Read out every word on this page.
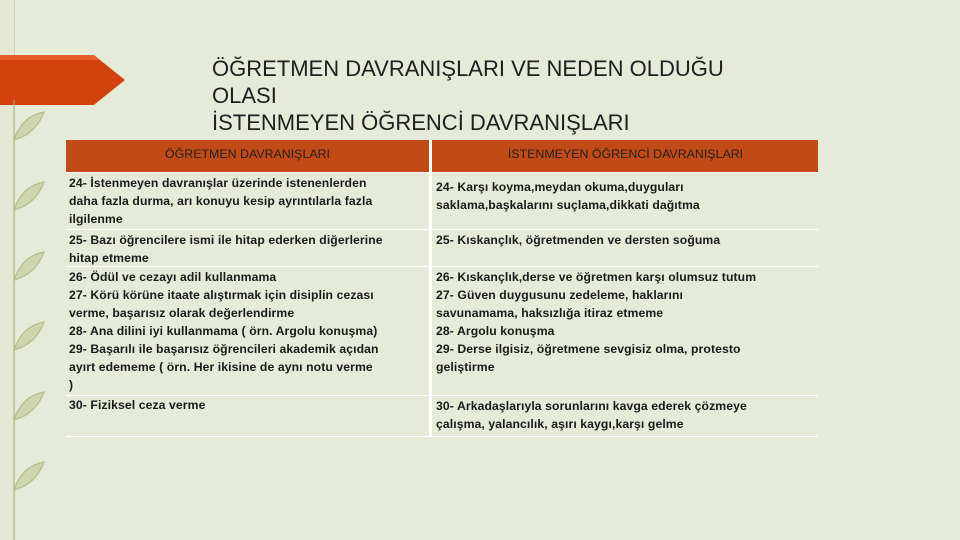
ÖĞRETMEN DAVRANIŞLARI VE NEDEN OLDUĞU
OLASI
İSTENMEYEN ÖĞRENCİ DAVRANIŞLARI
ÖĞRETMEN DAVRANIŞLARI	İSTENMEYEN ÖĞRENCİ DAVRANIŞLARI
24- İstenmeyen davranışlar üzerinde istenenlerden
daha fazla durma, arı konuyu kesip ayrıntılarla fazla
ilgilenme
24- Karşı koyma,meydan okuma,duyguları
saklama,başkalarını suçlama,dikkati dağıtma
25- Bazı öğrencilere ismi ile hitap ederken diğerlerine
hitap etmeme
25- Kıskançlık, öğretmenden ve dersten soğuma
26- Ödül ve cezayı adil kullanmama
27- Körü körüne itaate alıştırmak için disiplin cezası
verme, başarısız olarak değerlendirme
28- Ana dilini iyi kullanmama ( örn. Argolu konuşma)
29- Başarılı ile başarısız öğrencileri akademik açıdan
ayırt edememe ( örn. Her ikisine de aynı notu verme
)
26- Kıskançlık,derse ve öğretmen karşı olumsuz tutum
27- Güven duygusunu zedeleme, haklarını
savunamama, haksızlığa itiraz etmeme
28- Argolu konuşma
29- Derse ilgisiz, öğretmene sevgisiz olma, protesto
geliştirme
30- Fiziksel ceza verme	30- Arkadaşlarıyla sorunlarını kavga ederek çözmeye
çalışma, yalancılık, aşırı kaygı,karşı gelme
